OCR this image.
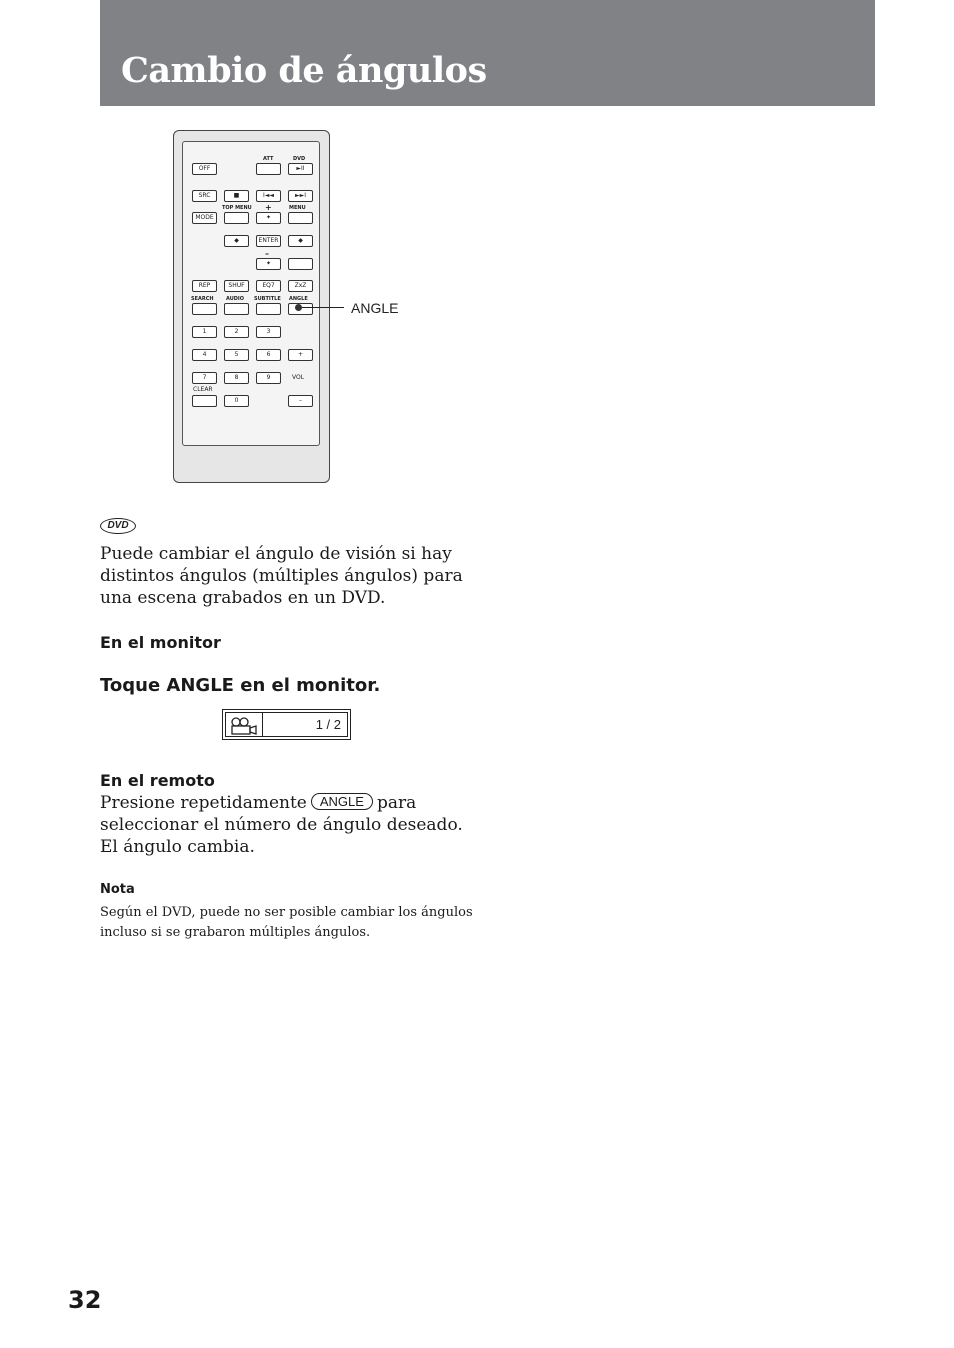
Cambio de ángulos
ATT	DVD
OFF	►II
SRC	■	I◄◄	►►I
TOP MENU +	MENU
MODE	✦
◆	ENTER	◆
–
✦
REP	SHUF	EQ7	ZxZ
SEARCH AUDIO SUBTITLE ANGLE
1	2	3
4	5	6	+
7	8	9	VOL
CLEAR
0	–
ANGLE
DVD

Puede cambiar el ángulo de visión si hay distintos ángulos (múltiples ángulos) para una escena grabados en un DVD.

En el monitor
Toque ANGLE en el monitor.
1 / 2
En el remoto

Presione repetidamente ANGLE para

seleccionar el número de ángulo deseado.

El ángulo cambia.

Nota

Según el DVD, puede no ser posible cambiar los ángulos incluso si se grabaron múltiples ángulos.

32
